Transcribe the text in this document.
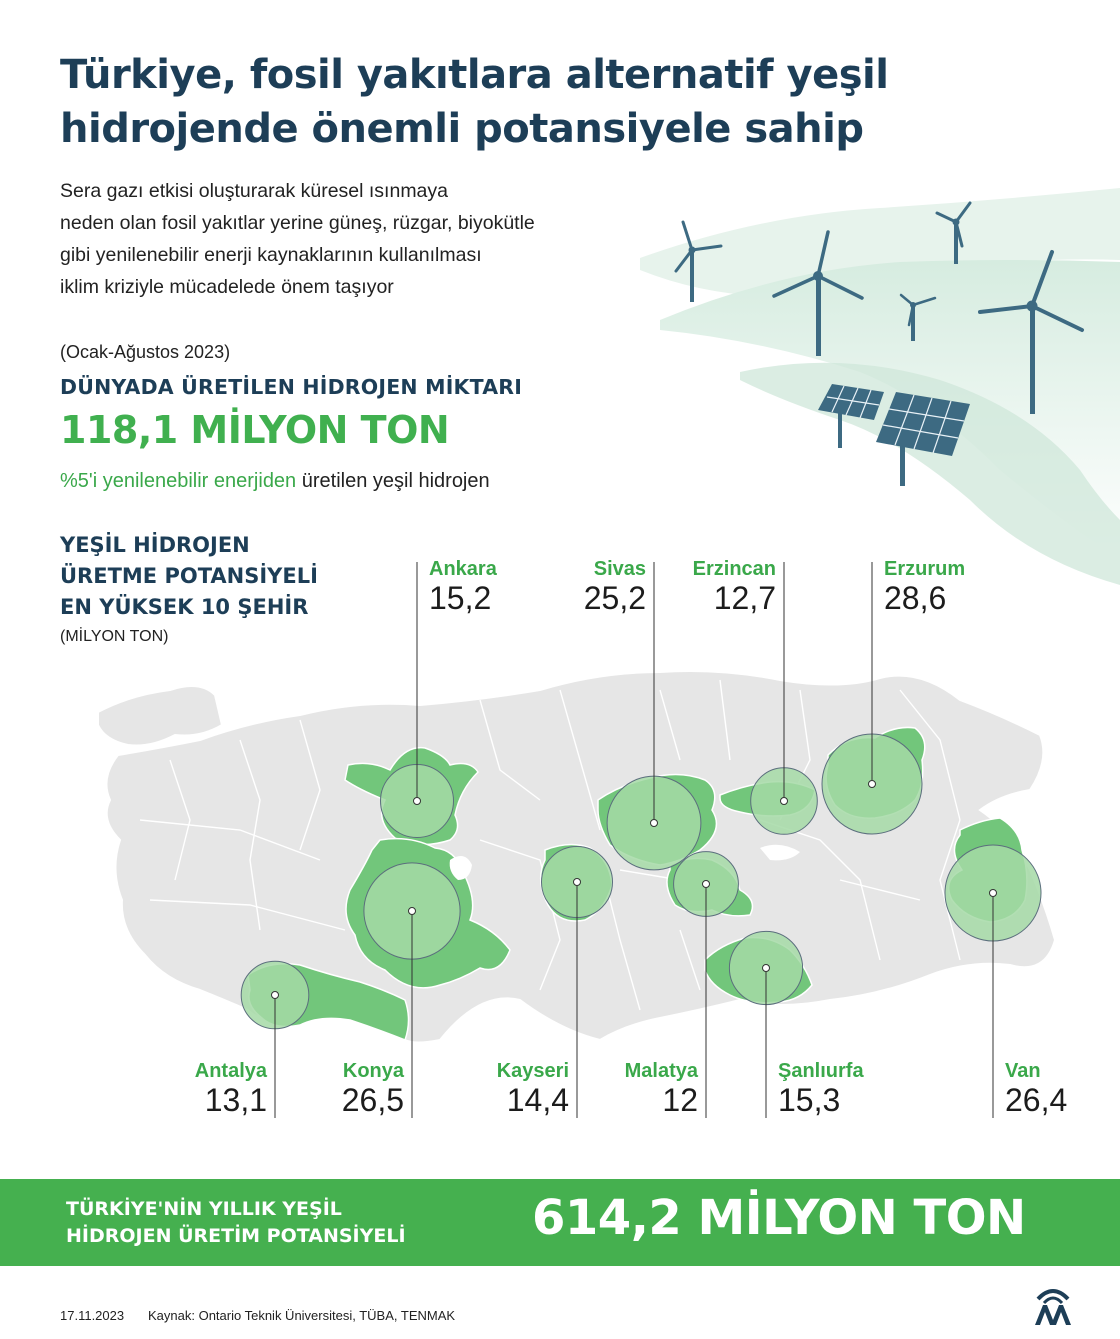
Türkiye, fosil yakıtlara alternatif yeşil
hidrojende önemli potansiyele sahip
Sera gazı etkisi oluşturarak küresel ısınmaya
neden olan fosil yakıtlar yerine güneş, rüzgar, biyokütle
gibi yenilenebilir enerji kaynaklarının kullanılması
iklim kriziyle mücadelede önem taşıyor
(Ocak-Ağustos 2023)
DÜNYADA ÜRETİLEN HİDROJEN MİKTARI
118,1 MİLYON TON
%5'i yenilenebilir enerjiden üretilen yeşil hidrojen
YEŞİL HİDROJEN
ÜRETME POTANSİYELİ
EN YÜKSEK 10 ŞEHİR
(MİLYON TON)
Ankara
15,2
Sivas
25,2
Erzincan
12,7
Erzurum
28,6
Antalya
13,1
Konya
26,5
Kayseri
14,4
Malatya
12
Şanlıurfa
15,3
Van
26,4
TÜRKİYE'NİN YILLIK YEŞİL
HİDROJEN ÜRETİM POTANSİYELİ	614,2 MİLYON TON
17.11.2023 Kaynak: Ontario Teknik Üniversitesi, TÜBA, TENMAK
